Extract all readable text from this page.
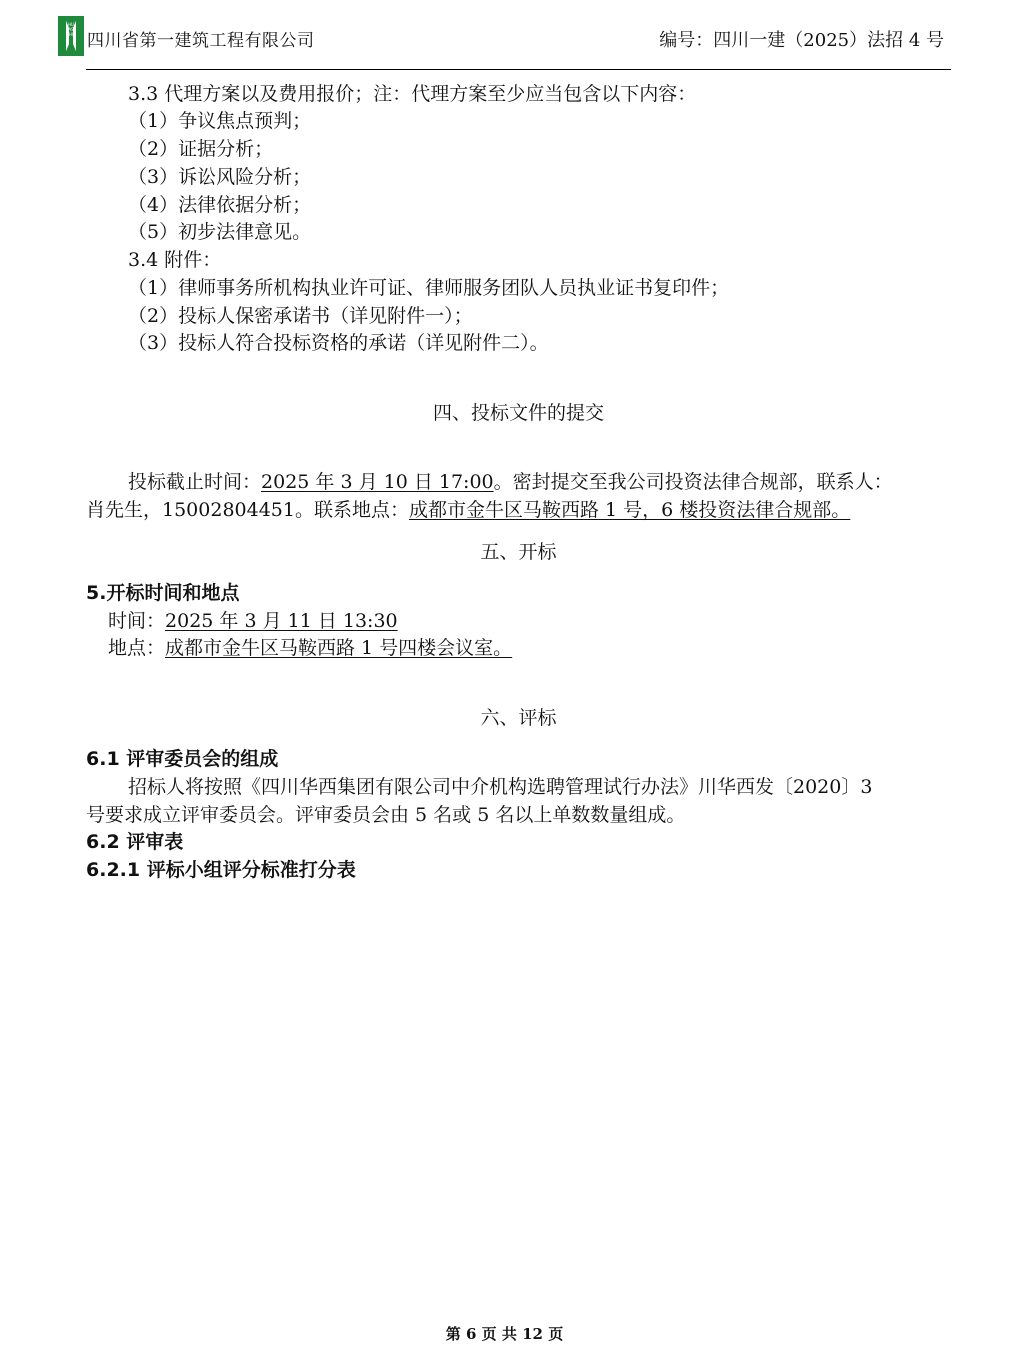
HUASHI 四川省第一建筑工程有限公司	编号：四川一建（2025）法招 4 号
3.3 代理方案以及费用报价；注：代理方案至少应当包含以下内容：
（1）争议焦点预判；
（2）证据分析；
（3）诉讼风险分析；
（4）法律依据分析；
（5）初步法律意见。
3.4 附件：
（1）律师事务所机构执业许可证、律师服务团队人员执业证书复印件；
（2）投标人保密承诺书（详见附件一）；
（3）投标人符合投标资格的承诺（详见附件二）。
四、投标文件的提交
投标截止时间：2025 年 3 月 10 日 17:00。密封提交至我公司投资法律合规部，联系人：
肖先生，15002804451。联系地点：成都市金牛区马鞍西路 1 号，6 楼投资法律合规部。
五、开标
5.开标时间和地点
时间：2025 年 3 月 11 日 13:30
地点：成都市金牛区马鞍西路 1 号四楼会议室。
六、评标
6.1 评审委员会的组成
招标人将按照《四川华西集团有限公司中介机构选聘管理试行办法》川华西发〔2020〕3
号要求成立评审委员会。评审委员会由 5 名或 5 名以上单数数量组成。
6.2 评审表
6.2.1 评标小组评分标准打分表
第 6 页 共 12 页
